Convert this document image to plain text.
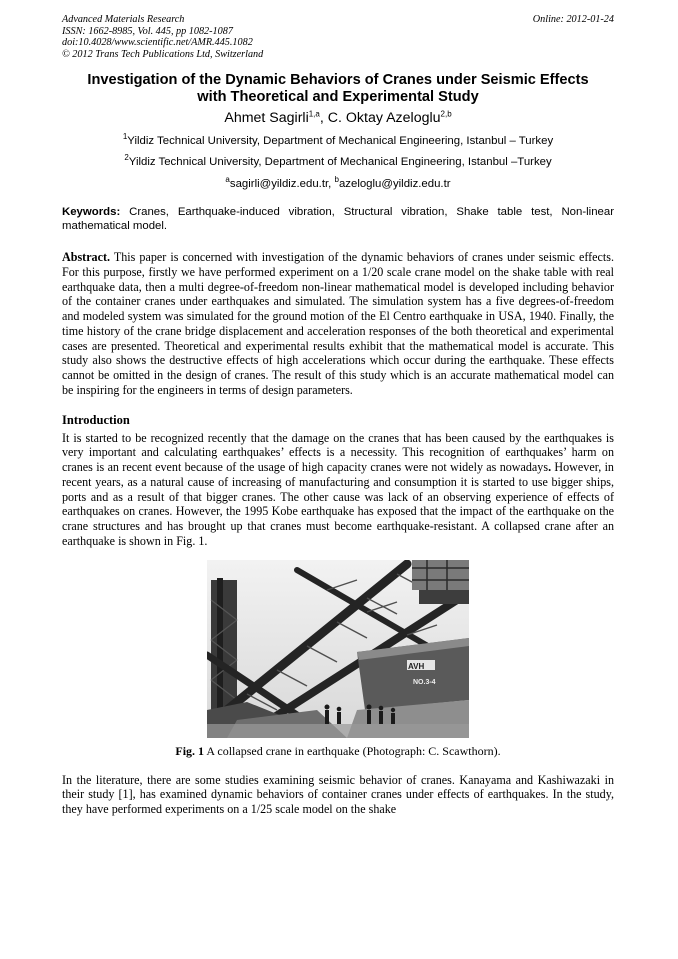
Advanced Materials Research
ISSN: 1662-8985, Vol. 445, pp 1082-1087
doi:10.4028/www.scientific.net/AMR.445.1082
© 2012 Trans Tech Publications Ltd, Switzerland
Online: 2012-01-24
Investigation of the Dynamic Behaviors of Cranes under Seismic Effects
with Theoretical and Experimental Study
Ahmet Sagirli$^{1,a}$, C. Oktay Azeloglu$^{2,b}$
$^1$Yildiz Technical University, Department of Mechanical Engineering, Istanbul – Turkey
$^2$Yildiz Technical University, Department of Mechanical Engineering, Istanbul –Turkey
$^a$sagirli@yildiz.edu.tr, $^b$azeloglu@yildiz.edu.tr
Keywords: Cranes, Earthquake-induced vibration, Structural vibration, Shake table test, Non-linear mathematical model.

Abstract. This paper is concerned with investigation of the dynamic behaviors of cranes under seismic effects. For this purpose, firstly we have performed experiment on a 1/20 scale crane model on the shake table with real earthquake data, then a multi degree-of-freedom non-linear mathematical model is developed including behavior of the container cranes under earthquakes and simulated. The simulation system has a five degrees-of-freedom and modeled system was simulated for the ground motion of the El Centro earthquake in USA, 1940. Finally, the time history of the crane bridge displacement and acceleration responses of the both theoretical and experimental cases are presented. Theoretical and experimental results exhibit that the mathematical model is accurate. This study also shows the destructive effects of high accelerations which occur during the earthquake. These effects cannot be omitted in the design of cranes. The result of this study which is an accurate mathematical model can be inspiring for the engineers in terms of design parameters.

Introduction

It is started to be recognized recently that the damage on the cranes that has been caused by the earthquakes is very important and calculating earthquakes’ effects is a necessity. This recognition of earthquakes’ harm on cranes is an recent event because of the usage of high capacity cranes were not widely as nowadays. However, in recent years, as a natural cause of increasing of manufacturing and consumption it is started to use bigger ships, ports and as a result of that bigger cranes. The other cause was lack of an observing experience of effects of earthquakes on cranes. However, the 1995 Kobe earthquake has exposed that the impact of the earthquake on the crane structures and has brought up that cranes must become earthquake-resistant. A collapsed crane after an earthquake is shown in Fig. 1.

AVH
NO.3-4
Fig. 1 A collapsed crane in earthquake (Photograph: C. Scawthorn).

In the literature, there are some studies examining seismic behavior of cranes. Kanayama and Kashiwazaki in their study [1], has examined dynamic behaviors of container cranes under effects of earthquakes. In the study, they have performed experiments on a 1/25 scale model on the shake
